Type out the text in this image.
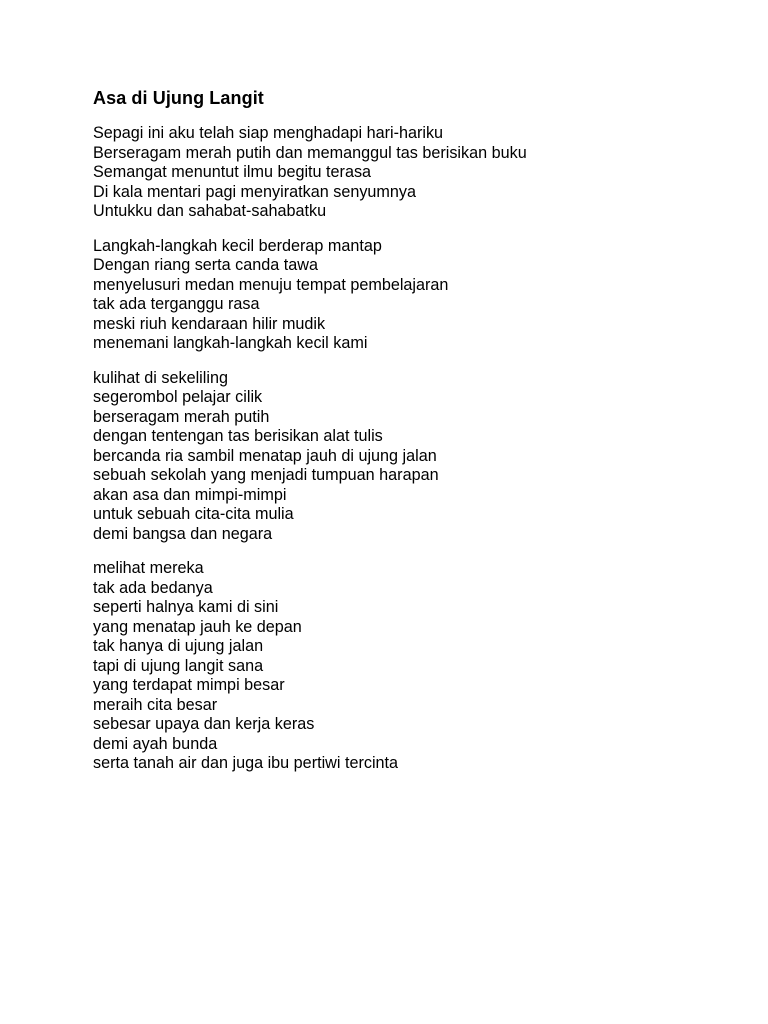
Asa di Ujung Langit
Sepagi ini aku telah siap menghadapi hari-hariku
Berseragam merah putih dan memanggul tas berisikan buku
Semangat menuntut ilmu begitu terasa
Di kala mentari pagi menyiratkan senyumnya
Untukku dan sahabat-sahabatku
Langkah-langkah kecil berderap mantap
Dengan riang serta canda tawa
menyelusuri medan menuju tempat pembelajaran
tak ada terganggu rasa
meski riuh kendaraan hilir mudik
menemani langkah-langkah kecil kami
kulihat di sekeliling
segerombol pelajar cilik
berseragam merah putih
dengan tentengan tas berisikan alat tulis
bercanda ria sambil menatap jauh di ujung jalan
sebuah sekolah yang menjadi tumpuan harapan
akan asa dan mimpi-mimpi
untuk sebuah cita-cita mulia
demi bangsa dan negara
melihat mereka
tak ada bedanya
seperti halnya kami di sini
yang menatap jauh ke depan
tak hanya di ujung jalan
tapi di ujung langit sana
yang terdapat mimpi besar
meraih cita besar
sebesar upaya dan kerja keras
demi ayah bunda
serta tanah air dan juga ibu pertiwi tercinta
